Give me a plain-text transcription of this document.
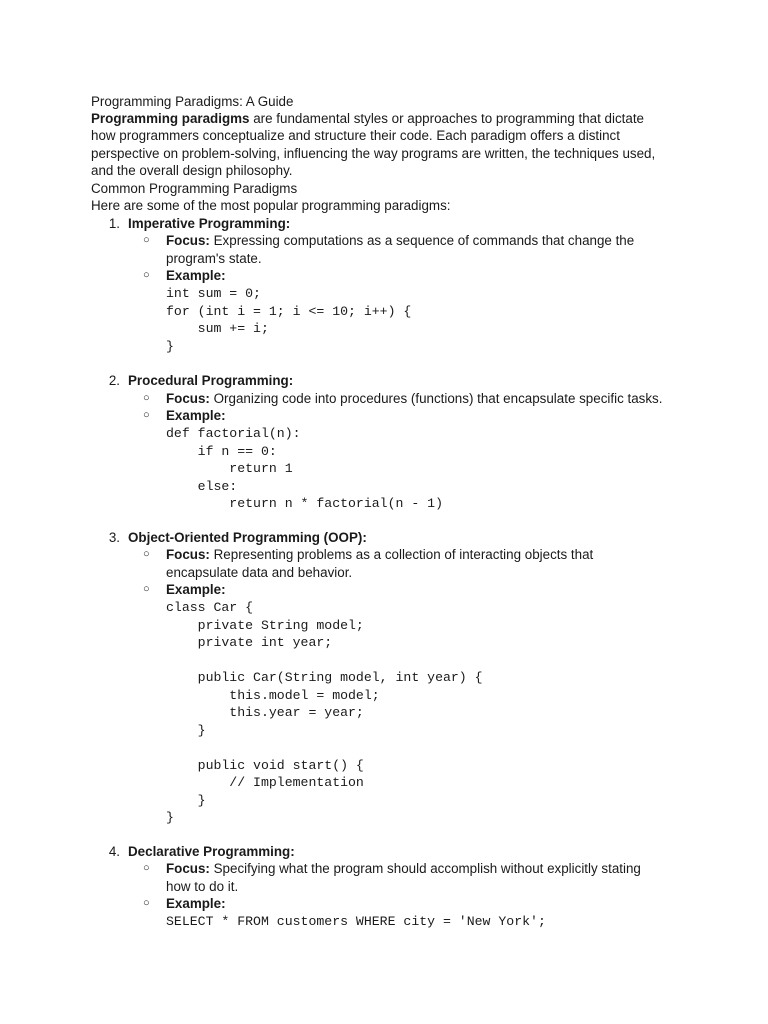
Programming Paradigms: A Guide
Programming paradigms are fundamental styles or approaches to programming that dictate
how programmers conceptualize and structure their code. Each paradigm offers a distinct
perspective on problem-solving, influencing the way programs are written, the techniques used,
and the overall design philosophy.
Common Programming Paradigms
Here are some of the most popular programming paradigms:
1. Imperative Programming:
○ Focus: Expressing computations as a sequence of commands that change the
program's state.
○ Example:
int sum = 0;
for (int i = 1; i <= 10; i++) {
sum += i;
}
2. Procedural Programming:
○ Focus: Organizing code into procedures (functions) that encapsulate specific tasks.
○ Example:
def factorial(n):
if n == 0:
return 1
else:
return n * factorial(n - 1)
3. Object-Oriented Programming (OOP):
○ Focus: Representing problems as a collection of interacting objects that
encapsulate data and behavior.
○ Example:
class Car {
private String model;
private int year;

public Car(String model, int year) {
this.model = model;
this.year = year;
}

public void start() {
// Implementation
}
}
4. Declarative Programming:
○ Focus: Specifying what the program should accomplish without explicitly stating
how to do it.
○ Example:
SELECT * FROM customers WHERE city = 'New York';
